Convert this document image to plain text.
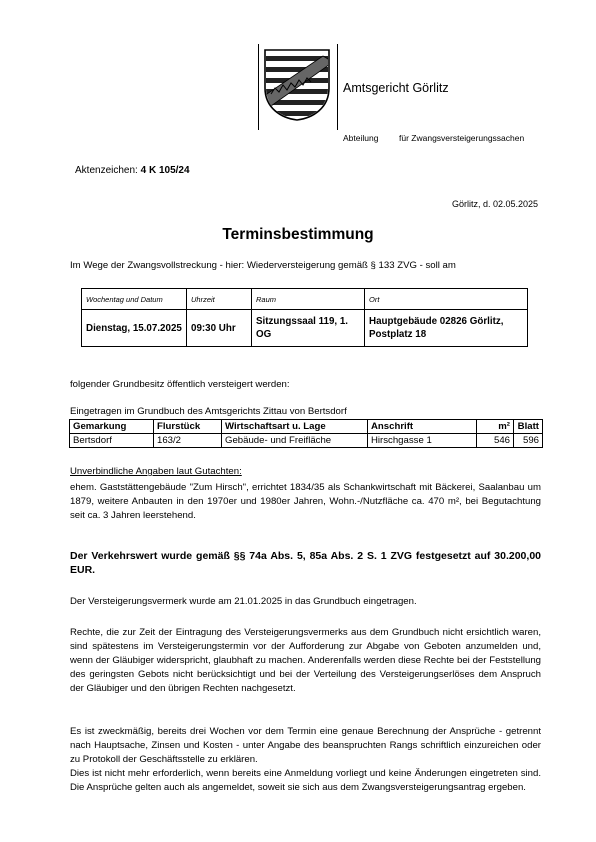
Amtsgericht Görlitz
Abteilung für Zwangsversteigerungssachen
Aktenzeichen: 4 K 105/24
Görlitz, d. 02.05.2025
Terminsbestimmung
Im Wege der Zwangsvollstreckung - hier: Wiederversteigerung gemäß § 133 ZVG - soll am
Wochentag und Datum	Uhrzeit	Raum	Ort
Dienstag, 15.07.2025	09:30 Uhr	Sitzungssaal 119, 1. OG	Hauptgebäude 02826 Görlitz, Postplatz 18
folgender Grundbesitz öffentlich versteigert werden:
Eingetragen im Grundbuch des Amtsgerichts Zittau von Bertsdorf
Gemarkung	Flurstück	Wirtschaftsart u. Lage	Anschrift	m²	Blatt
Bertsdorf	163/2	Gebäude- und Freifläche	Hirschgasse 1	546	596
Unverbindliche Angaben laut Gutachten:
ehem. Gaststättengebäude "Zum Hirsch", errichtet 1834/35 als Schankwirtschaft mit Bäckerei, Saalanbau um 1879, weitere Anbauten in den 1970er und 1980er Jahren, Wohn.-/Nutzfläche ca. 470 m², bei Begutachtung seit ca. 3 Jahren leerstehend.
Der Verkehrswert wurde gemäß §§ 74a Abs. 5, 85a Abs. 2 S. 1 ZVG festgesetzt auf 30.200,00 EUR.
Der Versteigerungsvermerk wurde am 21.01.2025 in das Grundbuch eingetragen.
Rechte, die zur Zeit der Eintragung des Versteigerungsvermerks aus dem Grundbuch nicht ersichtlich waren, sind spätestens im Versteigerungstermin vor der Aufforderung zur Abgabe von Geboten anzumelden und, wenn der Gläubiger widerspricht, glaubhaft zu machen. Anderenfalls werden diese Rechte bei der Feststellung des geringsten Gebots nicht berücksichtigt und bei der Verteilung des Versteigerungserlöses dem Anspruch der Gläubiger und den übrigen Rechten nachgesetzt.
Es ist zweckmäßig, bereits drei Wochen vor dem Termin eine genaue Berechnung der Ansprüche - getrennt nach Hauptsache, Zinsen und Kosten - unter Angabe des beanspruchten Rangs schriftlich einzureichen oder zu Protokoll der Geschäftsstelle zu erklären.
Dies ist nicht mehr erforderlich, wenn bereits eine Anmeldung vorliegt und keine Änderungen eingetreten sind. Die Ansprüche gelten auch als angemeldet, soweit sie sich aus dem Zwangsversteigerungsantrag ergeben.
